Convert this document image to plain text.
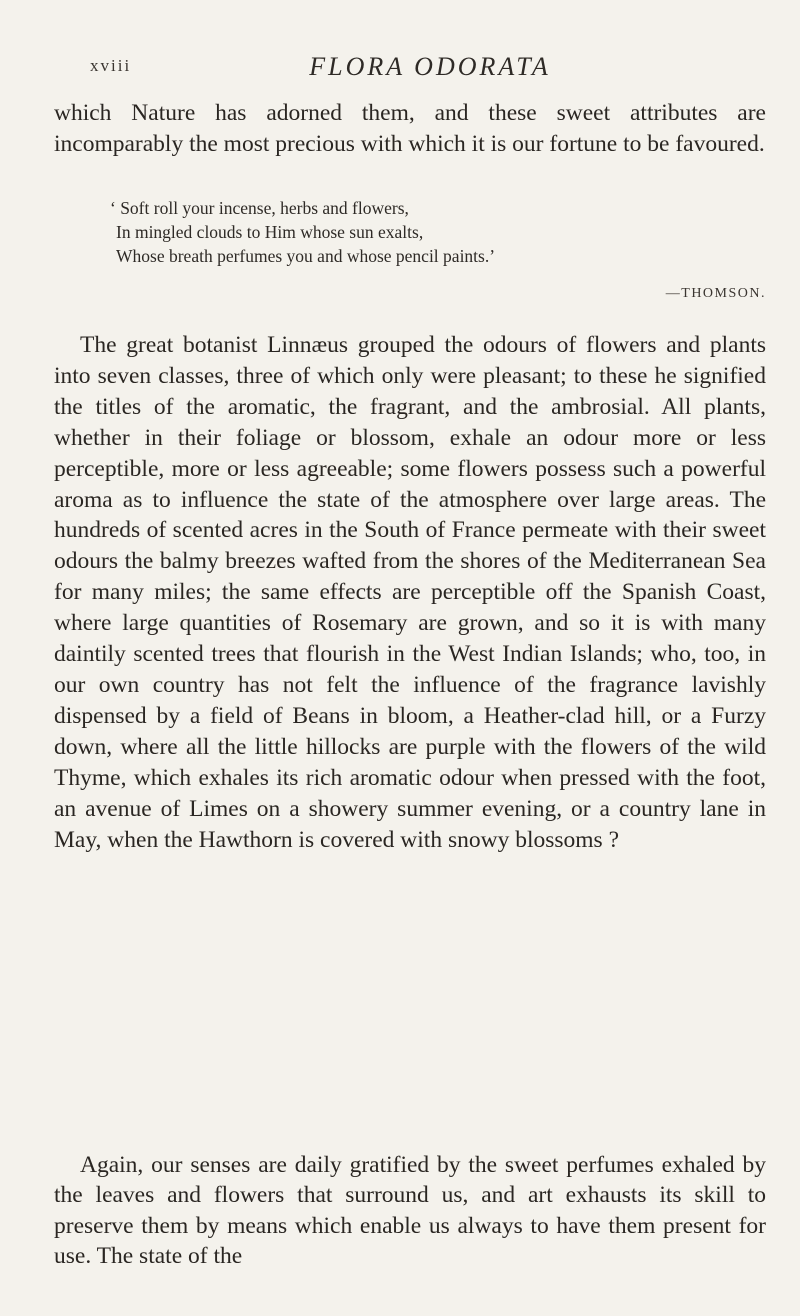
xviii	FLORA ODORATA

which Nature has adorned them, and these sweet attributes are incomparably the most precious with which it is our fortune to be favoured.

‘ Soft roll your incense, herbs and flowers,
In mingled clouds to Him whose sun exalts,
Whose breath perfumes you and whose pencil paints.’
—THOMSON.

The great botanist Linnæus grouped the odours of flowers and plants into seven classes, three of which only were pleasant; to these he signified the titles of the aromatic, the fragrant, and the ambrosial. All plants, whether in their foliage or blossom, exhale an odour more or less perceptible, more or less agreeable; some flowers possess such a powerful aroma as to influence the state of the atmosphere over large areas. The hundreds of scented acres in the South of France permeate with their sweet odours the balmy breezes wafted from the shores of the Mediterranean Sea for many miles; the same effects are perceptible off the Spanish Coast, where large quantities of Rosemary are grown, and so it is with many daintily scented trees that flourish in the West Indian Islands; who, too, in our own country has not felt the influence of the fragrance lavishly dispensed by a field of Beans in bloom, a Heather-clad hill, or a Furzy down, where all the little hillocks are purple with the flowers of the wild Thyme, which exhales its rich aromatic odour when pressed with the foot, an avenue of Limes on a showery summer evening, or a country lane in May, when the Hawthorn is covered with snowy blossoms ?

Again, our senses are daily gratified by the sweet perfumes exhaled by the leaves and flowers that surround us, and art exhausts its skill to preserve them by means which enable us always to have them present for use. The state of the
